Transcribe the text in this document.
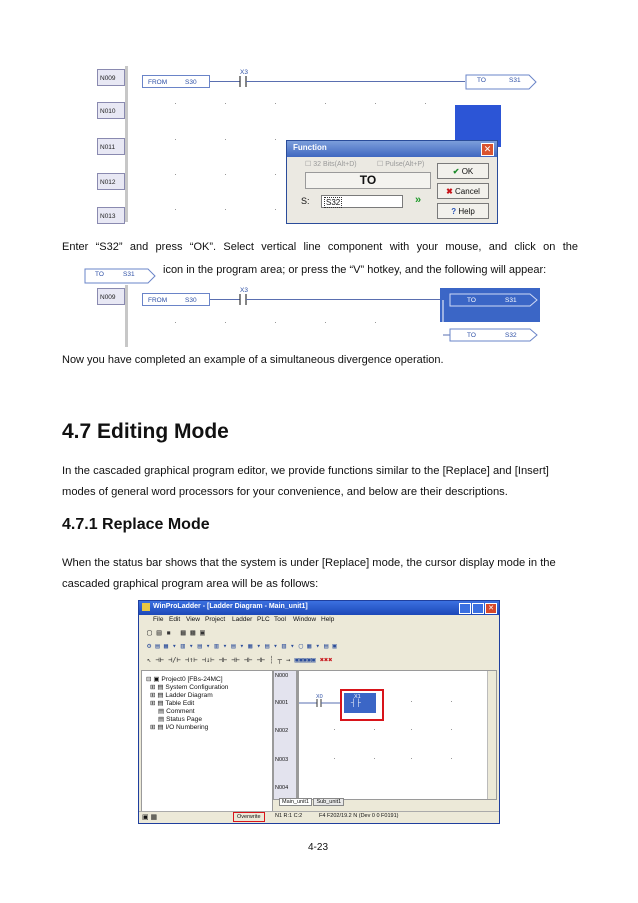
N009
N010
N011
N012
N013
FROM	S30
X3
TO	S31
Function	✕
☐ 32 Bits(Alt+D)	☐ Pulse(Alt+P)
TO
S:	S32	»
✔ OK
✖ Cancel
? Help
Enter “S32” and press “OK”. Select vertical line component with your mouse, and click on the
TO	S31	icon in the program area; or press the “V” hotkey, and the following will appear:
N009	FROM	S30
X3
TO	S31
TO	S32
Now you have completed an example of a simultaneous divergence operation.
4.7 Editing Mode
In the cascaded graphical program editor, we provide functions similar to the [Replace] and [Insert] modes of general word processors for your convenience, and below are their descriptions.
4.7.1 Replace Mode
When the status bar shows that the system is under [Replace] mode, the cursor display mode in the cascaded graphical program area will be as follows:
WinProLadder - [Ladder Diagram - Main_unit1]	✕
File Edit View Project Ladder PLC Tool Window Help
▢ ▤ ▪  ▦ ▩ ▣
⚙ ▤ ▦ ▾ ▥ ▾ ▤ ▾ ▥ ▾ ▤ ▾ ▦ ▾ ▤ ▾ ▥ ▾ ▢ ▦ ▾ ▤ ▣
↖ ⊣⊢ ⊣/⊢ ⊣↑⊢ ⊣↓⊢ ⊣⊢ ⊣⊢ ⊣⊢ ⊣⊢ ┆ ┬ → ▣▣▣▣▣ ✖✖✖
⊟ ▣ Project0 [FBs-24MC]
⊞ ▤ System Configuration
⊞ ▤ Ladder Diagram
⊞ ▤ Table Edit
▤ Comment
▤ Status Page
⊞ ▤ I/O Numbering
N000
N001
N002
N003
N004
X0	X1
┤├
Main_unit1 Sub_unit1
▣ ▦	Overwrite	N1 R:1 C:2	F4 F202/19.2 N (Dev 0 0 F0191)
4-23
